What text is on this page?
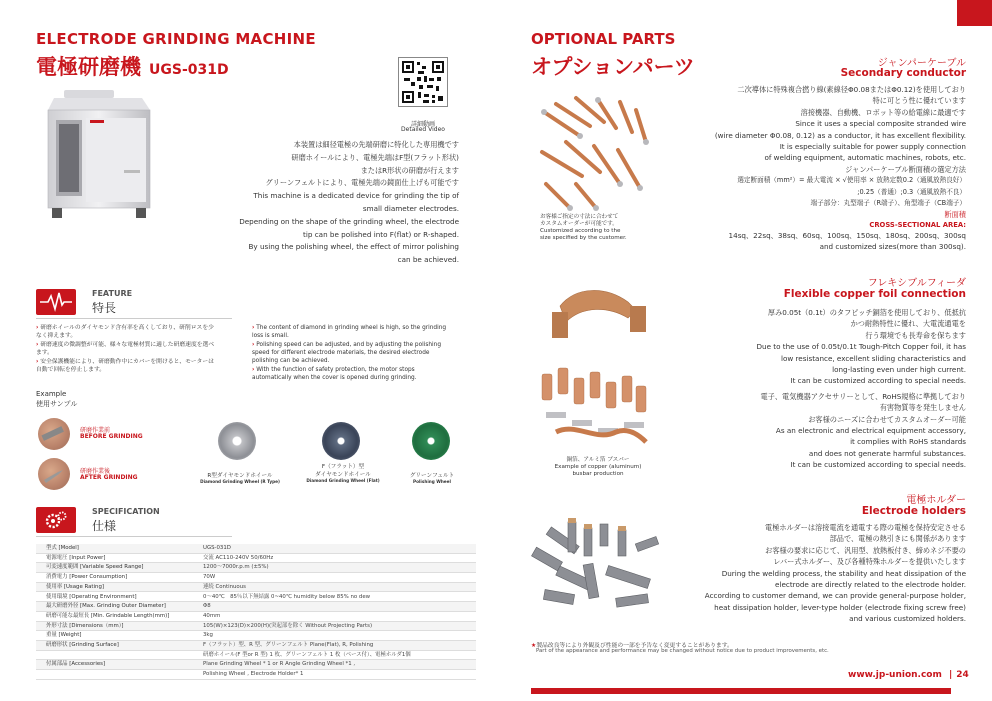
ELECTRODE GRINDING MACHINE
電極研磨機 UGS-031D
詳細動画
Detailed Video
本装置は細径電極の先端研磨に特化した専用機です
研磨ホイールにより、電極先端はF型(フラット形状)
またはR形状の研磨が行えます
グリーンフェルトにより、電極先端の鏡面仕上げも可能です
This machine is a dedicated device for grinding the tip of
small diameter electrodes.
Depending on the shape of the grinding wheel, the electrode
tip can be polished into F(flat) or R-shaped.
By using the polishing wheel, the effect of mirror polishing
can be achieved.
FEATURE
特長
› 研磨ホイールのダイヤモンド含有率を高くしており、研削ロスを少なく抑えます。
› 研磨速度の微調整が可能、様々な電極材質に適した研磨速度を選べます。
› 安全保護機能により、研磨動作中にカバーを開けると、モーターは自動で回転を停止します。
› The content of diamond in grinding wheel is high, so the grinding loss is small.
› Polishing speed can be adjusted, and by adjusting the polishing speed for different electrode materials, the desired electrode polishing can be achieved.
› With the function of safety protection, the motor stops automatically when the cover is opened during grinding.
Example
使用サンプル
研磨作業前
BEFORE GRINDING
研磨作業後
AFTER GRINDING	R型ダイヤモンドホイール
Diamond Grinding Wheel (R Type)
F（フラット）型
ダイヤモンドホイール
Diamond Grinding Wheel (Flat)
グリーンフェルト
Polishing Wheel
SPECIFICATION
仕様
型式 [Model]	UGS-031D
電源電圧 [Input Power]	交流 AC110-240V 50/60Hz
可変速度範囲 [Variable Speed Range]	1200～7000r.p.m (±5%)
消費電力 [Power Consumption]	70W
使用率 [Usage Rating]	連続 Continuous
使用環境 [Operating Environment]	0～40℃　85％以下無結露 0~40℃ humidity below 85% no dew
最大研磨外径 [Max. Grinding Outer Diameter]	Φ8
研磨可能な最短長 [Min. Grindable Length(mm)]	40mm
外形寸法 [Dimensions（mm）]	105(W)×123(D)×200(H)(突起部を除く Without Projecting Parts)
重量 [Weight]	3kg
研磨形状 [Grinding Surface]	F（フラット）型、R 型、グリーンフェルト Plane(Flat), R, Polishing
研磨ホイール(F 型or R 型) 1 枚、グリーンフェルト 1 枚（ベース付）、電極ホルダ1個
付属部品 [Accessories]	Plane Grinding Wheel * 1 or R Angle Grinding Wheel *1 ,
Polishing Wheel , Electrode Holder* 1
OPTIONAL PARTS
オプションパーツ	ジャンパーケーブル
Secondary conductor
二次導体に特殊複合撚り線(素線径Φ0.08またはΦ0.12)を使用しており
特に可とう性に優れています
溶接機器、自動機、ロボット等の給電線に最適です
Since it uses a special composite stranded wire
(wire diameter Φ0.08, 0.12) as a conductor, it has excellent flexibility.
It is especially suitable for power supply connection
of welding equipment, automatic machines, robots, etc.
ジャンパーケーブル断面積の選定方法
選定断面積（mm²）= 最大電流 × √使用率 × 放熱定数0.2（通風放熱良好）
;0.25（普通）;0.3（通風放熱不良）
端子部分：丸型端子（R端子）、角型端子（CB端子）
断面積
CROSS-SECTIONAL AREA:
14sq、22sq、38sq、60sq、100sq、150sq、180sq、200sq、300sq
and customized sizes(more than 300sq).
お客様ご指定の寸法に合わせて
カスタムオーダーが可能です。
Customized according to the
size specified by the customer.
フレキシブルフィーダ
Flexible copper foil connection
厚み0.05t（0.1t）のタフピッチ銅箔を使用しており、低抵抗
かつ耐熱特性に優れ、大電流通電を
行う環境でも長寿命を保ちます
Due to the use of 0.05t/0.1t Tough-Pitch Copper foil, it has
low resistance, excellent sliding characteristics and
long-lasting even under high current.
It can be customized according to special needs.
電子、電気機器アクセサリーとして、RoHS規格に準拠しており
有害物質等を発生しません
お客様のニーズに合わせてカスタムオーダー可能
As an electronic and electrical equipment accessory,
it complies with RoHS standards
and does not generate harmful substances.
It can be customized according to special needs.
銅箔、アルミ箔 ブスバー
Example of copper (aluminum)
busbar production
電極ホルダー
Electrode holders
電極ホルダーは溶接電流を通電する際の電極を保持安定させる
部品で、電極の熱引きにも関係があります
お客様の要求に応じて、汎用型、放熱板付き、締めネジ不要の
レバー式ホルダー、及び各種特殊ホルダーを提供いたします
During the welding process, the stability and heat dissipation of the
electrode are directly related to the electrode holder.
According to customer demand, we can provide general-purpose holder,
heat dissipation holder, lever-type holder (electrode fixing screw free)
and various customized holders.
★製品改良等により外観及び性能の一部を予告なく変更することがあります。
Part of the appearance and performance may be changed without notice due to product improvements, etc.
www.jp-union.com | 24
